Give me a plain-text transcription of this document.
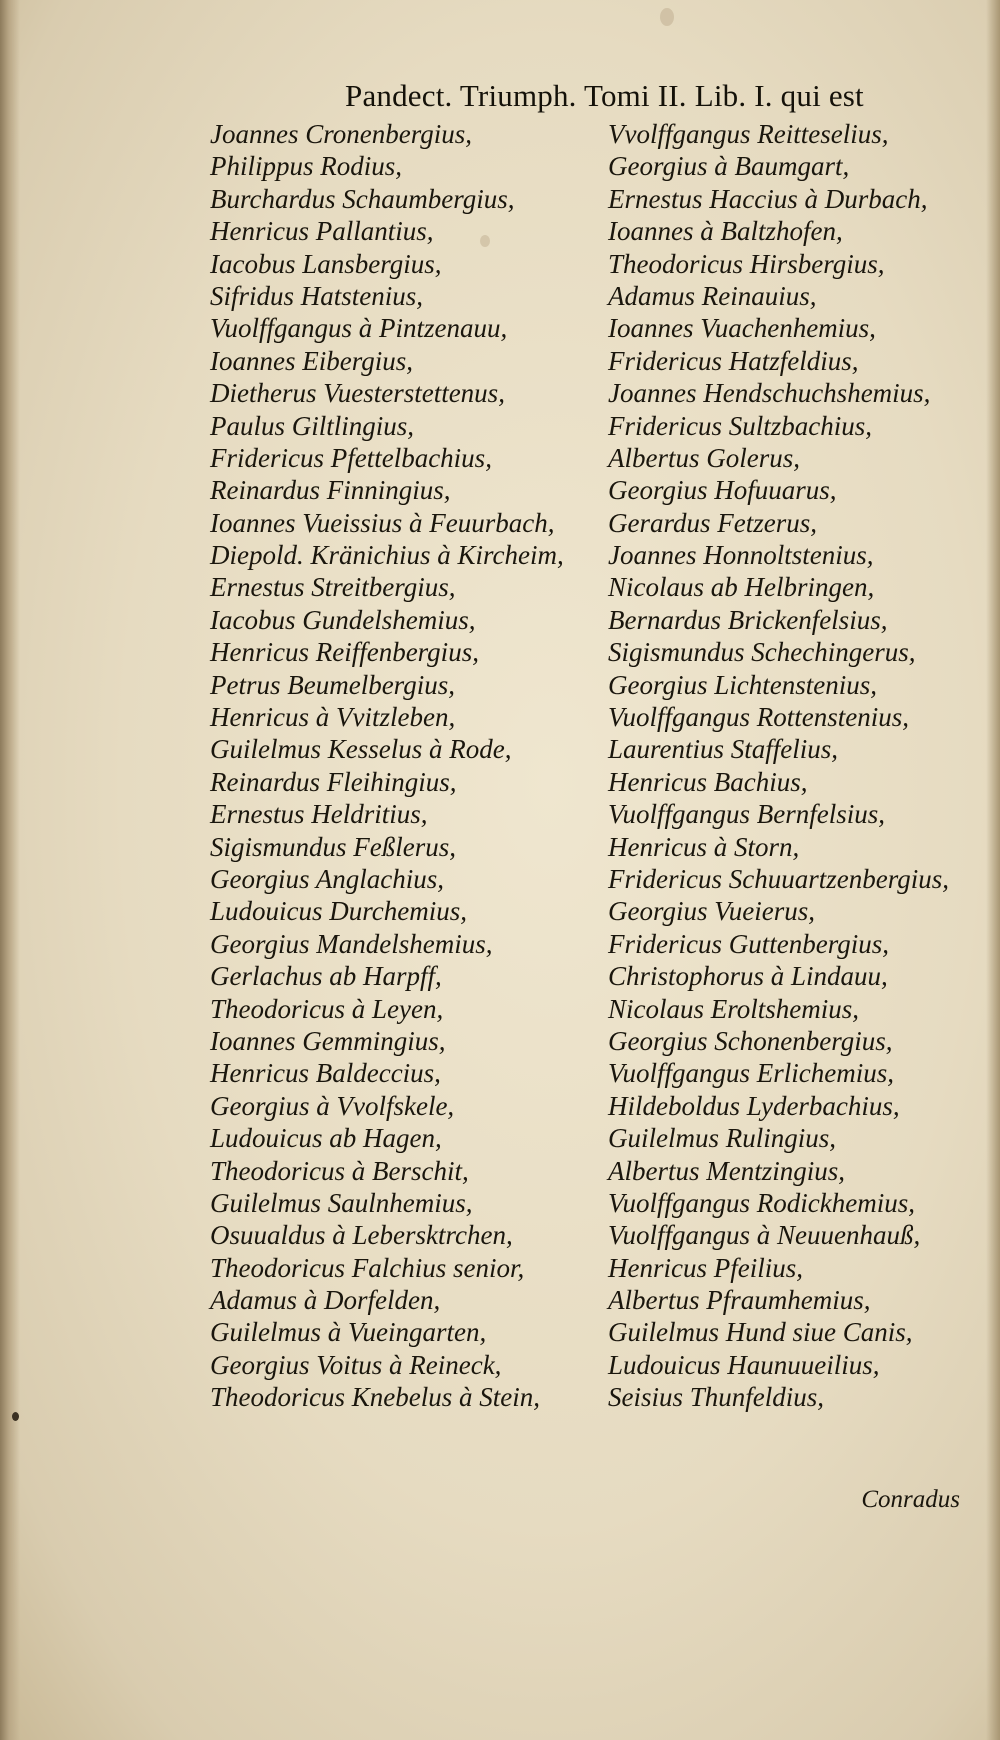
Pandect. Triumph. Tomi II. Lib. I. qui est
Joannes Cronenbergius,
Philippus Rodius,
Burchardus Schaumbergius,
Henricus Pallantius,
Iacobus Lansbergius,
Sifridus Hatstenius,
Vuolffgangus à Pintzenauu,
Ioannes Eibergius,
Dietherus Vuesterstettenus,
Paulus Giltlingius,
Fridericus Pfettelbachius,
Reinardus Finningius,
Ioannes Vueissius à Feuurbach,
Diepold. Kränichius à Kircheim,
Ernestus Streitbergius,
Iacobus Gundelshemius,
Henricus Reiffenbergius,
Petrus Beumelbergius,
Henricus à Vvitzleben,
Guilelmus Kesselus à Rode,
Reinardus Fleihingius,
Ernestus Heldritius,
Sigismundus Feßlerus,
Georgius Anglachius,
Ludouicus Durchemius,
Georgius Mandelshemius,
Gerlachus ab Harpff,
Theodoricus à Leyen,
Ioannes Gemmingius,
Henricus Baldeccius,
Georgius à Vvolfskele,
Ludouicus ab Hagen,
Theodoricus à Berschit,
Guilelmus Saulnhemius,
Osuualdus à Lebersktrchen,
Theodoricus Falchius senior,
Adamus à Dorfelden,
Guilelmus à Vueingarten,
Georgius Voitus à Reineck,
Theodoricus Knebelus à Stein,
Vvolffgangus Reitteselius,
Georgius à Baumgart,
Ernestus Haccius à Durbach,
Ioannes à Baltzhofen,
Theodoricus Hirsbergius,
Adamus Reinauius,
Ioannes Vuachenhemius,
Fridericus Hatzfeldius,
Joannes Hendschuchshemius,
Fridericus Sultzbachius,
Albertus Golerus,
Georgius Hofuuarus,
Gerardus Fetzerus,
Joannes Honnoltstenius,
Nicolaus ab Helbringen,
Bernardus Brickenfelsius,
Sigismundus Schechingerus,
Georgius Lichtenstenius,
Vuolffgangus Rottenstenius,
Laurentius Staffelius,
Henricus Bachius,
Vuolffgangus Bernfelsius,
Henricus à Storn,
Fridericus Schuuartzenbergius,
Georgius Vueierus,
Fridericus Guttenbergius,
Christophorus à Lindauu,
Nicolaus Eroltshemius,
Georgius Schonenbergius,
Vuolffgangus Erlichemius,
Hildeboldus Lyderbachius,
Guilelmus Rulingius,
Albertus Mentzingius,
Vuolffgangus Rodickhemius,
Vuolffgangus à Neuuenhauß,
Henricus Pfeilius,
Albertus Pfraumhemius,
Guilelmus Hund siue Canis,
Ludouicus Haunuueilius,
Seisius Thunfeldius,
Conradus
